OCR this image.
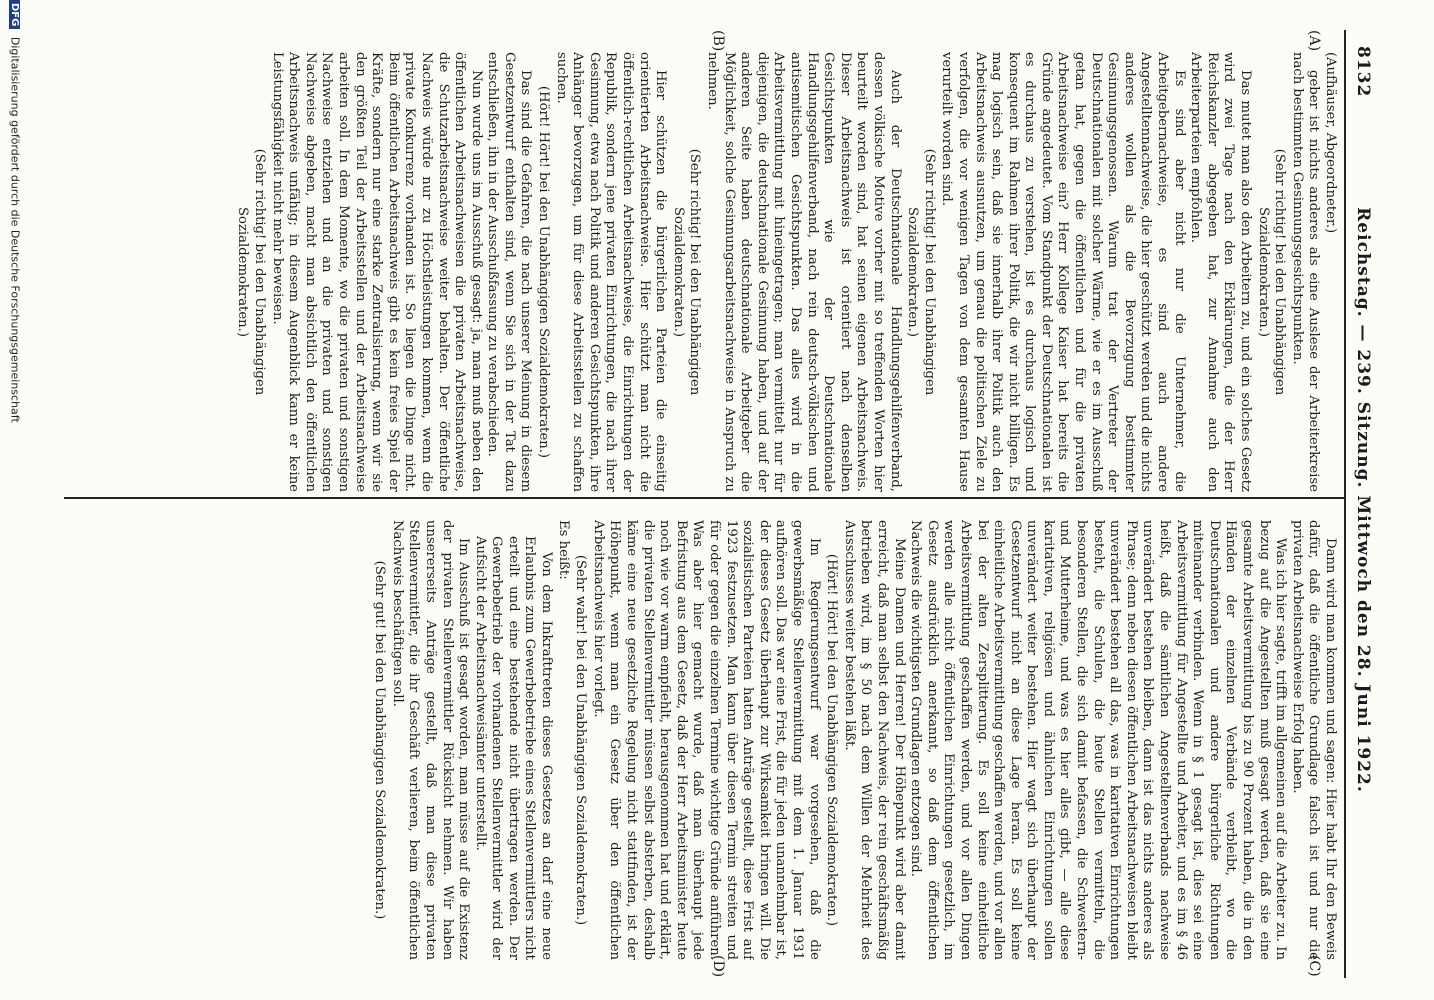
8132
Reichstag. — 239. Sitzung. Mittwoch den 28. Juni 1922.
(A)
(B)
(C)
(D)

(Aufhäuser, Abgeordneter.)

geber ist nichts anderes als eine Auslese der Arbeiterkreise nach bestimmten Gesinnungsgesichtspunkten.

(Sehr richtig! bei den Unabhängigen Sozialdemokraten.)

Das mutet man also den Arbeitern zu, und ein solches Gesetz wird zwei Tage nach den Erklärungen, die der Herr Reichskanzler abgegeben hat, zur Annahme auch den Arbeiterparteien empfohlen.

Es sind aber nicht nur die Unternehmer, die Arbeitgebernachweise, es sind auch andere Angestelltennachweise, die hier geschützt werden und die nichts anderes wollen als die Bevorzugung bestimmter Gesinnungsgenossen. Warum trat der Vertreter der Deutschnationalen mit solcher Wärme, wie er es im Ausschuß getan hat, gegen die öffentlichen und für die privaten Arbeitsnachweise ein? Herr Kollege Kaiser hat bereits die Gründe angedeutet. Vom Standpunkt der Deutschnationalen ist es durchaus zu verstehen, ist es durchaus logisch und konsequent im Rahmen ihrer Politik, die wir nicht billigen. Es mag logisch sein, daß sie innerhalb ihrer Politik auch den Arbeitsnachweis ausnutzen, um genau die politischen Ziele zu verfolgen, die vor wenigen Tagen von dem gesamten Hause verurteilt worden sind.

(Sehr richtig! bei den Unabhängigen Sozialdemokraten.)

Auch der Deutschnationale Handlungsgehilfenverband, dessen völkische Motive vorher mit so treffenden Worten hier beurteilt worden sind, hat seinen eigenen Arbeitsnachweis. Dieser Arbeitsnachweis ist orientiert nach denselben Gesichtspunkten wie der Deutschnationale Handlungsgehilfenverband, nach rein deutsch-völkischen und antisemitischen Gesichtspunkten. Das alles wird in die Arbeitsvermittlung mit hineingetragen; man vermittelt nur für diejenigen, die deutschnationale Gesinnung haben, und auf der anderen Seite haben deutschnationale Arbeitgeber die Möglichkeit, solche Gesinnungsarbeitsnachweise in Anspruch zu nehmen.

(Sehr richtig! bei den Unabhängigen Sozialdemokraten.)

Hier schützen die bürgerlichen Parteien die einseitig orientierten Arbeitsnachweise. Hier schützt man nicht die öffentlich-rechtlichen Arbeitsnachweise, die Einrichtungen der Republik, sondern jene privaten Einrichtungen, die nach ihrer Gesinnung, etwa nach Politik und anderen Gesichtspunkten, ihre Anhänger bevorzugen, um für diese Arbeitsstellen zu schaffen suchen.

(Hört! Hört! bei den Unabhängigen Sozialdemokraten.)

Das sind die Gefahren, die nach unserer Meinung in diesem Gesetzentwurf enthalten sind, wenn Sie sich in der Tat dazu entschließen, ihn in der Ausschußfassung zu verabschieden.

Nun wurde uns im Ausschuß gesagt: ja, man muß neben den öffentlichen Arbeitsnachweisen die privaten Arbeitsnachweise, die Schutzarbeitsnachweise weiter behalten. Der öffentliche Nachweis würde nur zu Höchstleistungen kommen, wenn die private Konkurrenz vorhanden ist. So liegen die Dinge nicht. Beim öffentlichen Arbeitsnachweis gibt es kein freies Spiel der Kräfte, sondern nur eine starke Zentralisierung, wenn wir sie den größten Teil der Arbeitsstellen und der Arbeitsnachweise arbeiten soll. In dem Momente, wo die privaten und sonstigen Nachweise entziehen und an die privaten und sonstigen Nachweise abgeben, macht man absichtlich den öffentlichen Arbeitsnachweis unfähig; in diesem Augenblick kann er keine Leistungsfähigkeit nicht mehr beweisen.

(Sehr richtig! bei den Unabhängigen Sozialdemokraten.)

Dann wird man kommen und sagen: Hier habt Ihr den Beweis dafür, daß die öffentliche Grundlage falsch ist und nur die privaten Arbeitsnachweise Erfolg haben.

Was ich hier sagte, trifft im allgemeinen auf die Arbeiter zu. In bezug auf die Angestellten muß gesagt werden, daß sie eine gesamte Arbeitsvermittlung bis zu 90 Prozent haben, die in den Händen der einzelnen Verbände verbleibt, wo die Deutschnationalen und andere bürgerliche Richtungen miteinander verbinden. Wenn in § 1 gesagt ist, dies sei eine Arbeitsvermittlung für Angestellte und Arbeiter, und es im § 46 heißt, daß die sämtlichen Angestelltenverbands nachweise unverändert bestehen bleiben, dann ist das nichts anderes als Phrase; denn neben diesen öffentlichen Arbeitsnachweisen bleibt unverändert bestehen all das, was in karitativen Einrichtungen besteht, die Schulen, die heute Stellen vermitteln, die besonderen Stellen, die sich damit befassen, die Schwestern- und Mutterheime, und was es hier alles gibt, — alle diese karitativen, religiösen und ähnlichen Einrichtungen sollen unverändert weiter bestehen. Hier wagt sich überhaupt der Gesetzentwurf nicht an diese Lage heran. Es soll keine einheitliche Arbeitsvermittlung geschaffen werden, und vor allen bei der alten Zersplitterung. Es soll keine einheitliche Arbeitsvermittlung geschaffen werden, und vor allen Dingen werden alle nicht öffentlichen Einrichtungen gesetzlich, im Gesetz ausdrücklich anerkannt, so daß dem öffentlichen Nachweis die wichtigsten Grundlagen entzogen sind.

Meine Damen und Herren! Der Höhepunkt wird aber damit erreicht, daß man selbst den Nachweis, der rein geschäftsmäßig betrieben wird, im § 50 nach dem Willen der Mehrheit des Ausschusses weiter bestehen läßt.

(Hört! Hört! bei den Unabhängigen Sozialdemokraten.)

Im Regierungsentwurf war vorgesehen, daß die gewerbsmäßige Stellenvermittlung mit dem 1. Januar 1931 aufhören soll. Das war eine Frist, die für jeden unannehmbar ist, der dieses Gesetz überhaupt zur Wirksamkeit bringen will. Die sozialistischen Parteien hatten Anträge gestellt, diese Frist auf 1923 festzusetzen. Man kann über diesen Termin streiten und für oder gegen die einzelnen Termine wichtige Gründe anführen. Was aber hier gemacht wurde, daß man überhaupt jede Befristung aus dem Gesetz, daß der Herr Arbeitsminister heute noch wie vor warm empfiehlt, herausgenommen hat und erklärt, die privaten Stellenvermittler müssen selbst absterben, deshalb käme eine neue gesetzliche Regelung nicht stattfinden, ist der Höhepunkt, wenn man ein Gesetz über den öffentlichen Arbeitsnachweis hier vorlegt.

(Sehr wahr! bei den Unabhängigen Sozialdemokraten.)

Es heißt:

Von dem Inkrafttreten dieses Gesetzes an darf eine neue Erlaubnis zum Gewerbebetriebe eines Stellenvermittlers nicht erteilt und eine bestehende nicht übertragen werden. Der Gewerbebetrieb der vorhandenen Stellenvermittler wird der Aufsicht der Arbeitsnachweisämter unterstellt.

Im Ausschuß ist gesagt worden, man müsse auf die Existenz der privaten Stellenvermittler Rücksicht nehmen. Wir haben unsererseits Anträge gestellt, daß man diese privaten Stellenvermittler, die ihr Geschäft verlieren, beim öffentlichen Nachweis beschäftigen soll.

(Sehr gut! bei den Unabhängigen Sozialdemokraten.)

DFG Digitalisierung gefördert durch die Deutsche Forschungsgemeinschaft
